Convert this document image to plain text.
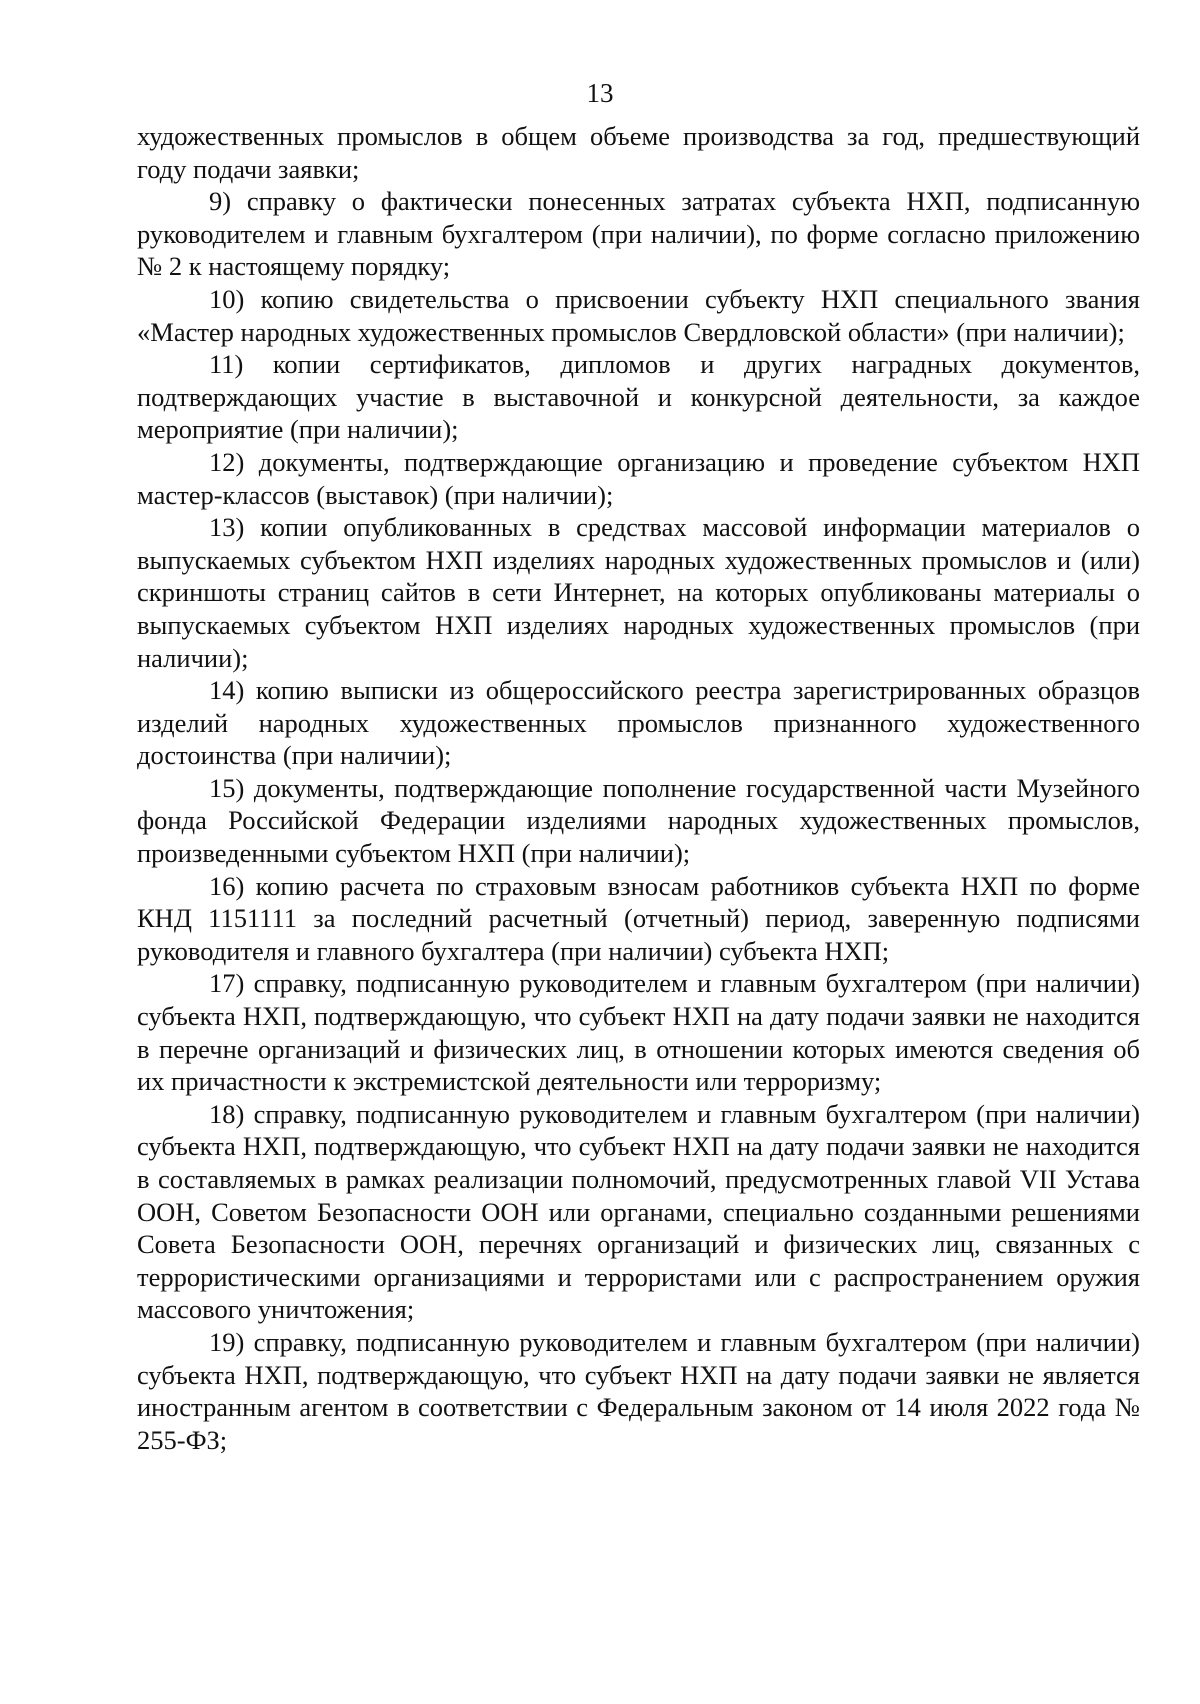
13

художественных промыслов в общем объеме производства за год, предшествующий году подачи заявки;

9) справку о фактически понесенных затратах субъекта НХП, подписанную руководителем и главным бухгалтером (при наличии), по форме согласно приложению № 2 к настоящему порядку;

10) копию свидетельства о присвоении субъекту НХП специального звания «Мастер народных художественных промыслов Свердловской области» (при наличии);

11) копии сертификатов, дипломов и других наградных документов, подтверждающих участие в выставочной и конкурсной деятельности, за каждое мероприятие (при наличии);

12) документы, подтверждающие организацию и проведение субъектом НХП мастер-классов (выставок) (при наличии);

13) копии опубликованных в средствах массовой информации материалов о выпускаемых субъектом НХП изделиях народных художественных промыслов и (или) скриншоты страниц сайтов в сети Интернет, на которых опубликованы материалы о выпускаемых субъектом НХП изделиях народных художественных промыслов (при наличии);

14) копию выписки из общероссийского реестра зарегистрированных образцов изделий народных художественных промыслов признанного художественного достоинства (при наличии);

15) документы, подтверждающие пополнение государственной части Музейного фонда Российской Федерации изделиями народных художественных промыслов, произведенными субъектом НХП (при наличии);

16) копию расчета по страховым взносам работников субъекта НХП по форме КНД 1151111 за последний расчетный (отчетный) период, заверенную подписями руководителя и главного бухгалтера (при наличии) субъекта НХП;

17) справку, подписанную руководителем и главным бухгалтером (при наличии) субъекта НХП, подтверждающую, что субъект НХП на дату подачи заявки не находится в перечне организаций и физических лиц, в отношении которых имеются сведения об их причастности к экстремистской деятельности или терроризму;

18) справку, подписанную руководителем и главным бухгалтером (при наличии) субъекта НХП, подтверждающую, что субъект НХП на дату подачи заявки не находится в составляемых в рамках реализации полномочий, предусмотренных главой VII Устава ООН, Советом Безопасности ООН или органами, специально созданными решениями Совета Безопасности ООН, перечнях организаций и физических лиц, связанных с террористическими организациями и террористами или с распространением оружия массового уничтожения;

19) справку, подписанную руководителем и главным бухгалтером (при наличии) субъекта НХП, подтверждающую, что субъект НХП на дату подачи заявки не является иностранным агентом в соответствии с Федеральным законом от 14 июля 2022 года № 255-ФЗ;
